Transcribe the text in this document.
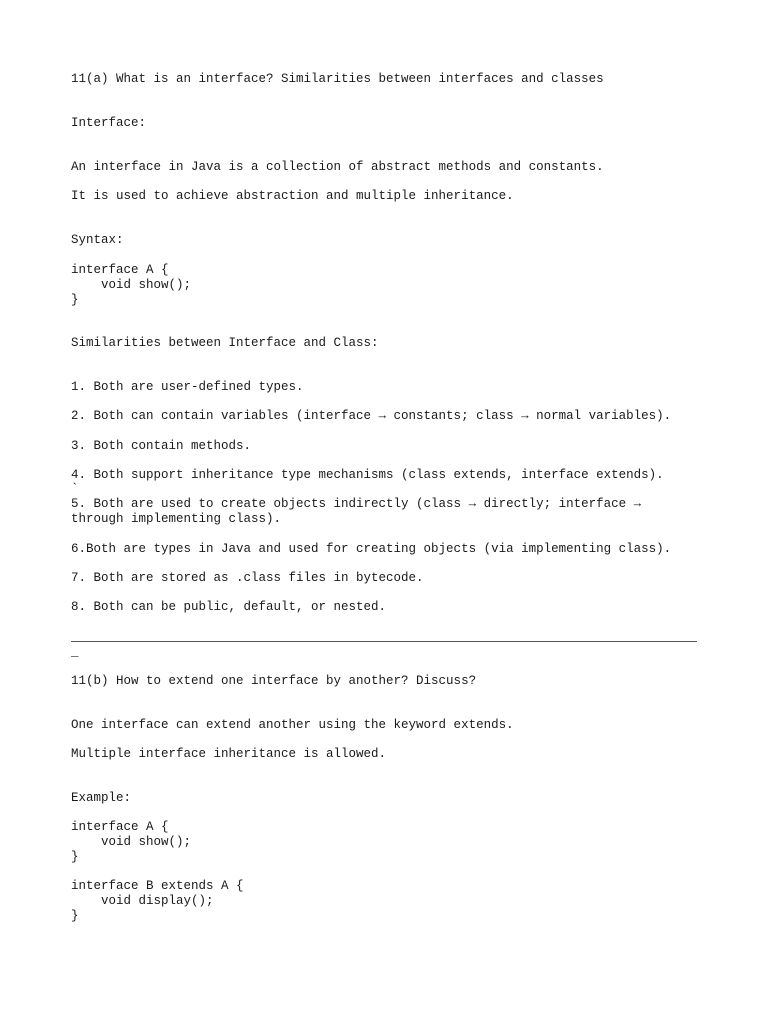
11(a) What is an interface? Similarities between interfaces and classes

Interface:

An interface in Java is a collection of abstract methods and constants.

It is used to achieve abstraction and multiple inheritance.

Syntax:

interface A {
void show();
}

Similarities between Interface and Class:

1. Both are user-defined types.

2. Both can contain variables (interface → constants; class → normal variables).

3. Both contain methods.

4. Both support inheritance type mechanisms (class extends, interface extends).

`

5. Both are used to create objects indirectly (class → directly; interface → through implementing class).

6.Both are types in Java and used for creating objects (via implementing class).

7. Both are stored as .class files in bytecode.

8. Both can be public, default, or nested.

_

11(b) How to extend one interface by another? Discuss?

One interface can extend another using the keyword extends.

Multiple interface inheritance is allowed.

Example:

interface A {
void show();
}

interface B extends A {
void display();
}
